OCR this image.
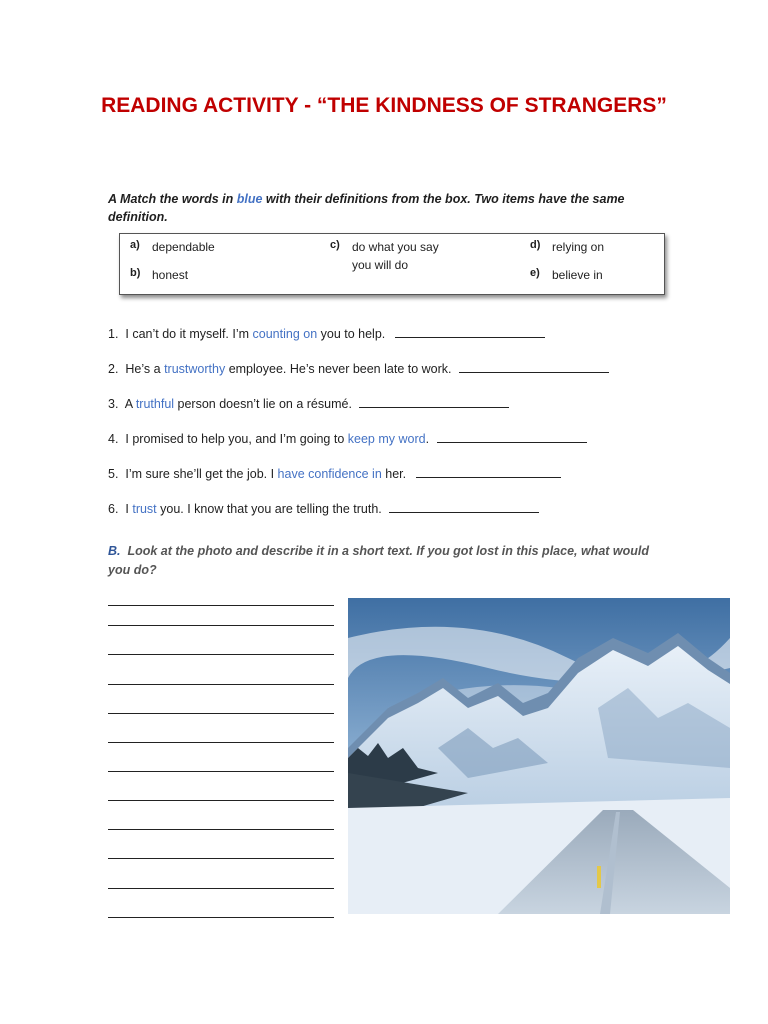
READING ACTIVITY - “THE KINDNESS OF STRANGERS”
A Match the words in blue with their definitions from the box. Two items have the same definition.
a)	dependable
b) honest
c)	do what you say you will do
d) relying on
e)	believe in
1. I can’t do it myself. I’m counting on you to help.
2. He’s a trustworthy employee. He’s never been late to work.
3. A truthful person doesn’t lie on a résumé.
4. I promised to help you, and I’m going to keep my word.
5. I’m sure she’ll get the job. I have confidence in her.
6. I trust you. I know that you are telling the truth.
B. Look at the photo and describe it in a short text. If you got lost in this place, what would you do?
